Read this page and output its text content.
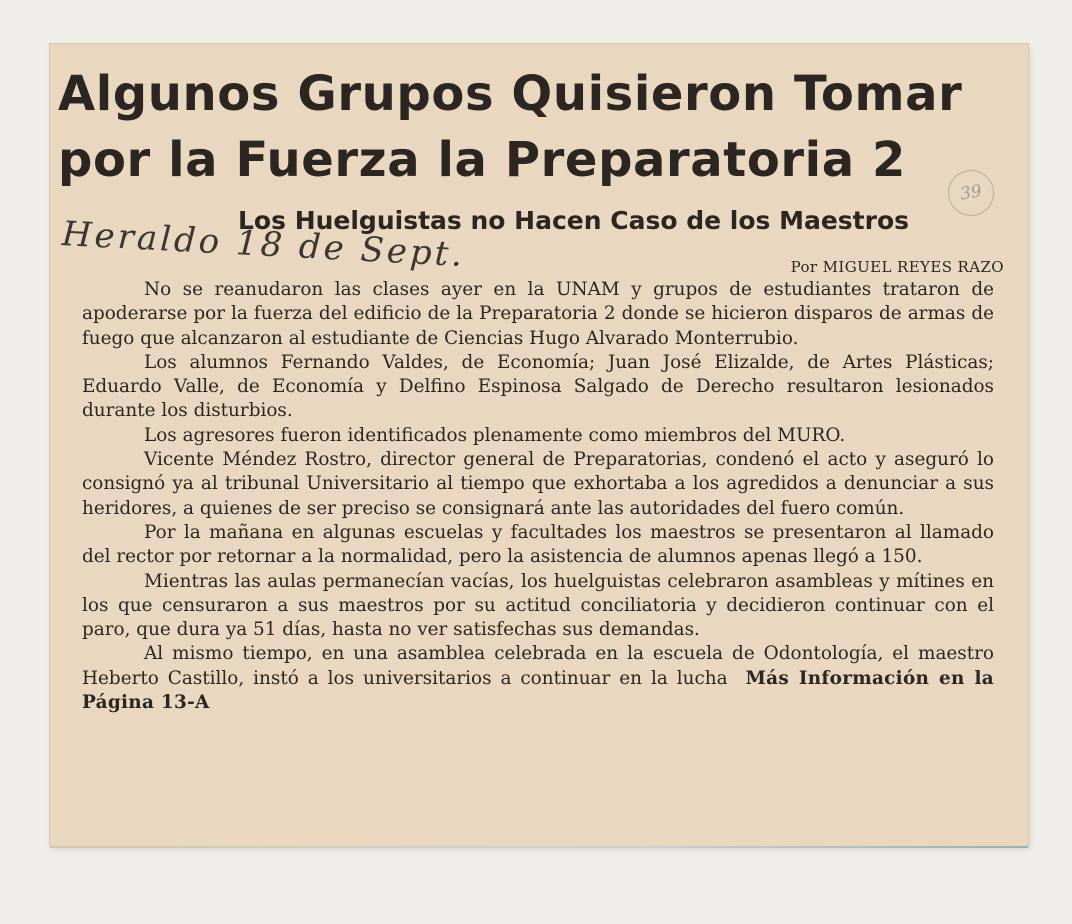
Algunos Grupos Quisieron Tomar
por la Fuerza la Preparatoria 2
39
Los Huelguistas no Hacen Caso de los Maestros
Heraldo 18 de Sept.	Por MIGUEL REYES RAZO

No se reanudaron las clases ayer en la UNAM y grupos de estudiantes trataron de apoderarse por la fuerza del edificio de la Preparatoria 2 donde se hicieron disparos de armas de fuego que alcanzaron al estudiante de Ciencias Hugo Alvarado Monterrubio.

Los alumnos Fernando Valdes, de Economía; Juan José Elizalde, de Artes Plásticas; Eduardo Valle, de Economía y Delfino Espinosa Salgado de Derecho resultaron lesionados durante los disturbios.

Los agresores fueron identificados plenamente como miembros del MURO.

Vicente Méndez Rostro, director general de Preparatorias, condenó el acto y aseguró lo consignó ya al tribunal Universitario al tiempo que exhortaba a los agredidos a denunciar a sus heridores, a quienes de ser preciso se consignará ante las autoridades del fuero común.

Por la mañana en algunas escuelas y facultades los maestros se presentaron al llamado del rector por retornar a la normalidad, pero la asistencia de alumnos apenas llegó a 150.

Mientras las aulas permanecían vacías, los huelguistas celebraron asambleas y mítines en los que censuraron a sus maestros por su actitud conciliatoria y decidieron continuar con el paro, que dura ya 51 días, hasta no ver satisfechas sus demandas.

Al mismo tiempo, en una asamblea celebrada en la escuela de Odontología, el maestro Heberto Castillo, instó a los universitarios a continuar en la lucha Más Información en la Página 13-A
